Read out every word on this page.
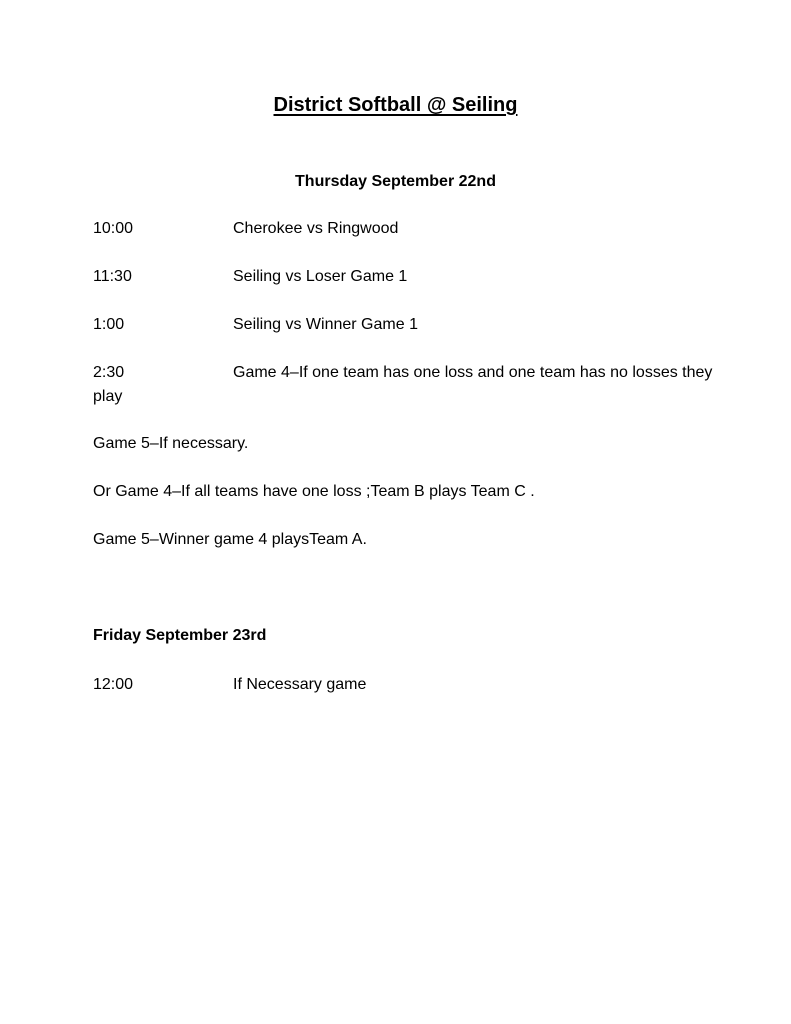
District Softball @ Seiling
Thursday September 22nd
10:00	Cherokee vs Ringwood
11:30	Seiling vs Loser Game 1
1:00	Seiling vs Winner Game 1
2:30	Game 4–If one team has one loss and one team has no losses they play
Game 5–If necessary.
Or Game 4–If all teams have one loss ;Team B plays Team C .
Game 5–Winner game 4 playsTeam A.
Friday September 23rd
12:00	If Necessary game
